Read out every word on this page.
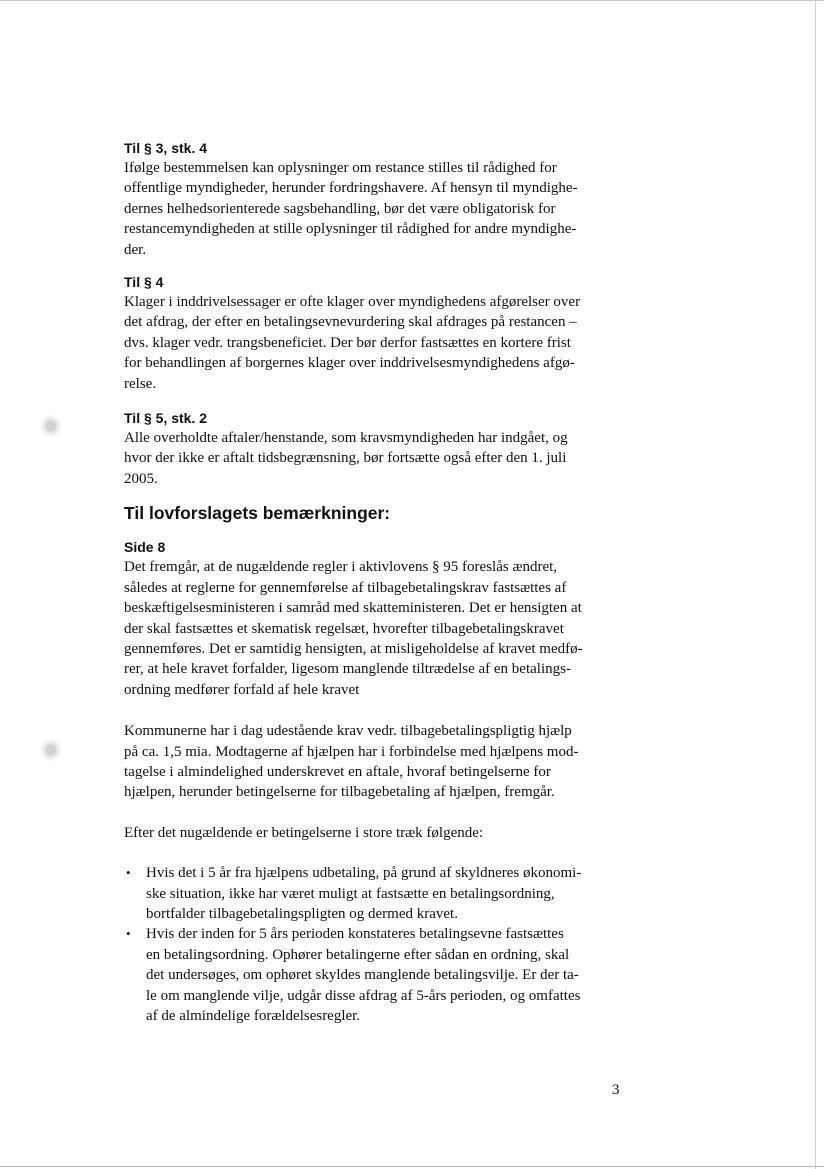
Til § 3, stk. 4

Ifølge bestemmelsen kan oplysninger om restance stilles til rådighed for

offentlige myndigheder, herunder fordringshavere. Af hensyn til myndighe-

dernes helhedsorienterede sagsbehandling, bør det være obligatorisk for

restancemyndigheden at stille oplysninger til rådighed for andre myndighe-

der.

Til § 4

Klager i inddrivelsessager er ofte klager over myndighedens afgørelser over

det afdrag, der efter en betalingsevnevurdering skal afdrages på restancen –

dvs. klager vedr. trangsbeneficiet. Der bør derfor fastsættes en kortere frist

for behandlingen af borgernes klager over inddrivelsesmyndighedens afgø-

relse.

Til § 5, stk. 2

Alle overholdte aftaler/henstande, som kravsmyndigheden har indgået, og

hvor der ikke er aftalt tidsbegrænsning, bør fortsætte også efter den 1. juli

2005.

Til lovforslagets bemærkninger:

Side 8

Det fremgår, at de nugældende regler i aktivlovens § 95 foreslås ændret,

således at reglerne for gennemførelse af tilbagebetalingskrav fastsættes af

beskæftigelsesministeren i samråd med skatteministeren. Det er hensigten at

der skal fastsættes et skematisk regelsæt, hvorefter tilbagebetalingskravet

gennemføres. Det er samtidig hensigten, at misligeholdelse af kravet medfø-

rer, at hele kravet forfalder, ligesom manglende tiltrædelse af en betalings-

ordning medfører forfald af hele kravet

Kommunerne har i dag udestående krav vedr. tilbagebetalingspligtig hjælp

på ca. 1,5 mia. Modtagerne af hjælpen har i forbindelse med hjælpens mod-

tagelse i almindelighed underskrevet en aftale, hvoraf betingelserne for

hjælpen, herunder betingelserne for tilbagebetaling af hjælpen, fremgår.

Efter det nugældende er betingelserne i store træk følgende:

• Hvis det i 5 år fra hjælpens udbetaling, på grund af skyldneres økonomi-

ske situation, ikke har været muligt at fastsætte en betalingsordning,

bortfalder tilbagebetalingspligten og dermed kravet.

• Hvis der inden for 5 års perioden konstateres betalingsevne fastsættes

en betalingsordning. Ophører betalingerne efter sådan en ordning, skal

det undersøges, om ophøret skyldes manglende betalingsvilje. Er der ta-

le om manglende vilje, udgår disse afdrag af 5-års perioden, og omfattes

af de almindelige forældelsesregler.

3
